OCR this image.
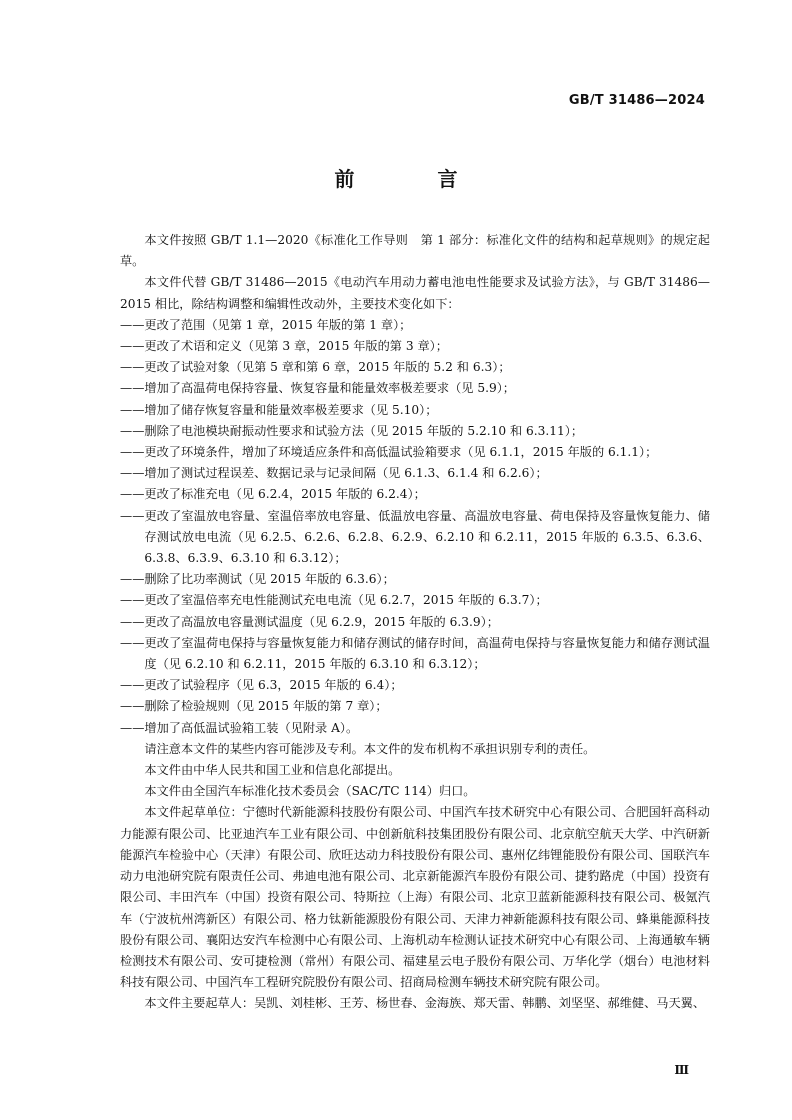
GB/T 31486—2024
前 言

本文件按照 GB/T 1.1—2020《标准化工作导则　第 1 部分：标准化文件的结构和起草规则》的规定起草。

本文件代替 GB/T 31486—2015《电动汽车用动力蓄电池电性能要求及试验方法》，与 GB/T 31486—2015 相比，除结构调整和编辑性改动外，主要技术变化如下：

——更改了范围（见第 1 章，2015 年版的第 1 章）；

——更改了术语和定义（见第 3 章，2015 年版的第 3 章）；

——更改了试验对象（见第 5 章和第 6 章，2015 年版的 5.2 和 6.3）；

——增加了高温荷电保持容量、恢复容量和能量效率极差要求（见 5.9）；

——增加了储存恢复容量和能量效率极差要求（见 5.10）；

——删除了电池模块耐振动性要求和试验方法（见 2015 年版的 5.2.10 和 6.3.11）；

——更改了环境条件，增加了环境适应条件和高低温试验箱要求（见 6.1.1，2015 年版的 6.1.1）；

——增加了测试过程误差、数据记录与记录间隔（见 6.1.3、6.1.4 和 6.2.6）；

——更改了标准充电（见 6.2.4，2015 年版的 6.2.4）；

——更改了室温放电容量、室温倍率放电容量、低温放电容量、高温放电容量、荷电保持及容量恢复能力、储存测试放电电流（见 6.2.5、6.2.6、6.2.8、6.2.9、6.2.10 和 6.2.11，2015 年版的 6.3.5、6.3.6、6.3.8、6.3.9、6.3.10 和 6.3.12）；

——删除了比功率测试（见 2015 年版的 6.3.6）；

——更改了室温倍率充电性能测试充电电流（见 6.2.7，2015 年版的 6.3.7）；

——更改了高温放电容量测试温度（见 6.2.9，2015 年版的 6.3.9）；

——更改了室温荷电保持与容量恢复能力和储存测试的储存时间，高温荷电保持与容量恢复能力和储存测试温度（见 6.2.10 和 6.2.11，2015 年版的 6.3.10 和 6.3.12）；

——更改了试验程序（见 6.3，2015 年版的 6.4）；

——删除了检验规则（见 2015 年版的第 7 章）；

——增加了高低温试验箱工装（见附录 A）。

请注意本文件的某些内容可能涉及专利。本文件的发布机构不承担识别专利的责任。

本文件由中华人民共和国工业和信息化部提出。

本文件由全国汽车标准化技术委员会（SAC/TC 114）归口。

本文件起草单位：宁德时代新能源科技股份有限公司、中国汽车技术研究中心有限公司、合肥国轩高科动力能源有限公司、比亚迪汽车工业有限公司、中创新航科技集团股份有限公司、北京航空航天大学、中汽研新能源汽车检验中心（天津）有限公司、欣旺达动力科技股份有限公司、惠州亿纬锂能股份有限公司、国联汽车动力电池研究院有限责任公司、弗迪电池有限公司、北京新能源汽车股份有限公司、捷豹路虎（中国）投资有限公司、丰田汽车（中国）投资有限公司、特斯拉（上海）有限公司、北京卫蓝新能源科技有限公司、极氪汽车（宁波杭州湾新区）有限公司、格力钛新能源股份有限公司、天津力神新能源科技有限公司、蜂巢能源科技股份有限公司、襄阳达安汽车检测中心有限公司、上海机动车检测认证技术研究中心有限公司、上海通敏车辆检测技术有限公司、安可捷检测（常州）有限公司、福建星云电子股份有限公司、万华化学（烟台）电池材料科技有限公司、中国汽车工程研究院股份有限公司、招商局检测车辆技术研究院有限公司。

本文件主要起草人：吴凯、刘桂彬、王芳、杨世春、金海族、郑天雷、韩鹏、刘坚坚、郝维健、马天翼、

Ⅲ
